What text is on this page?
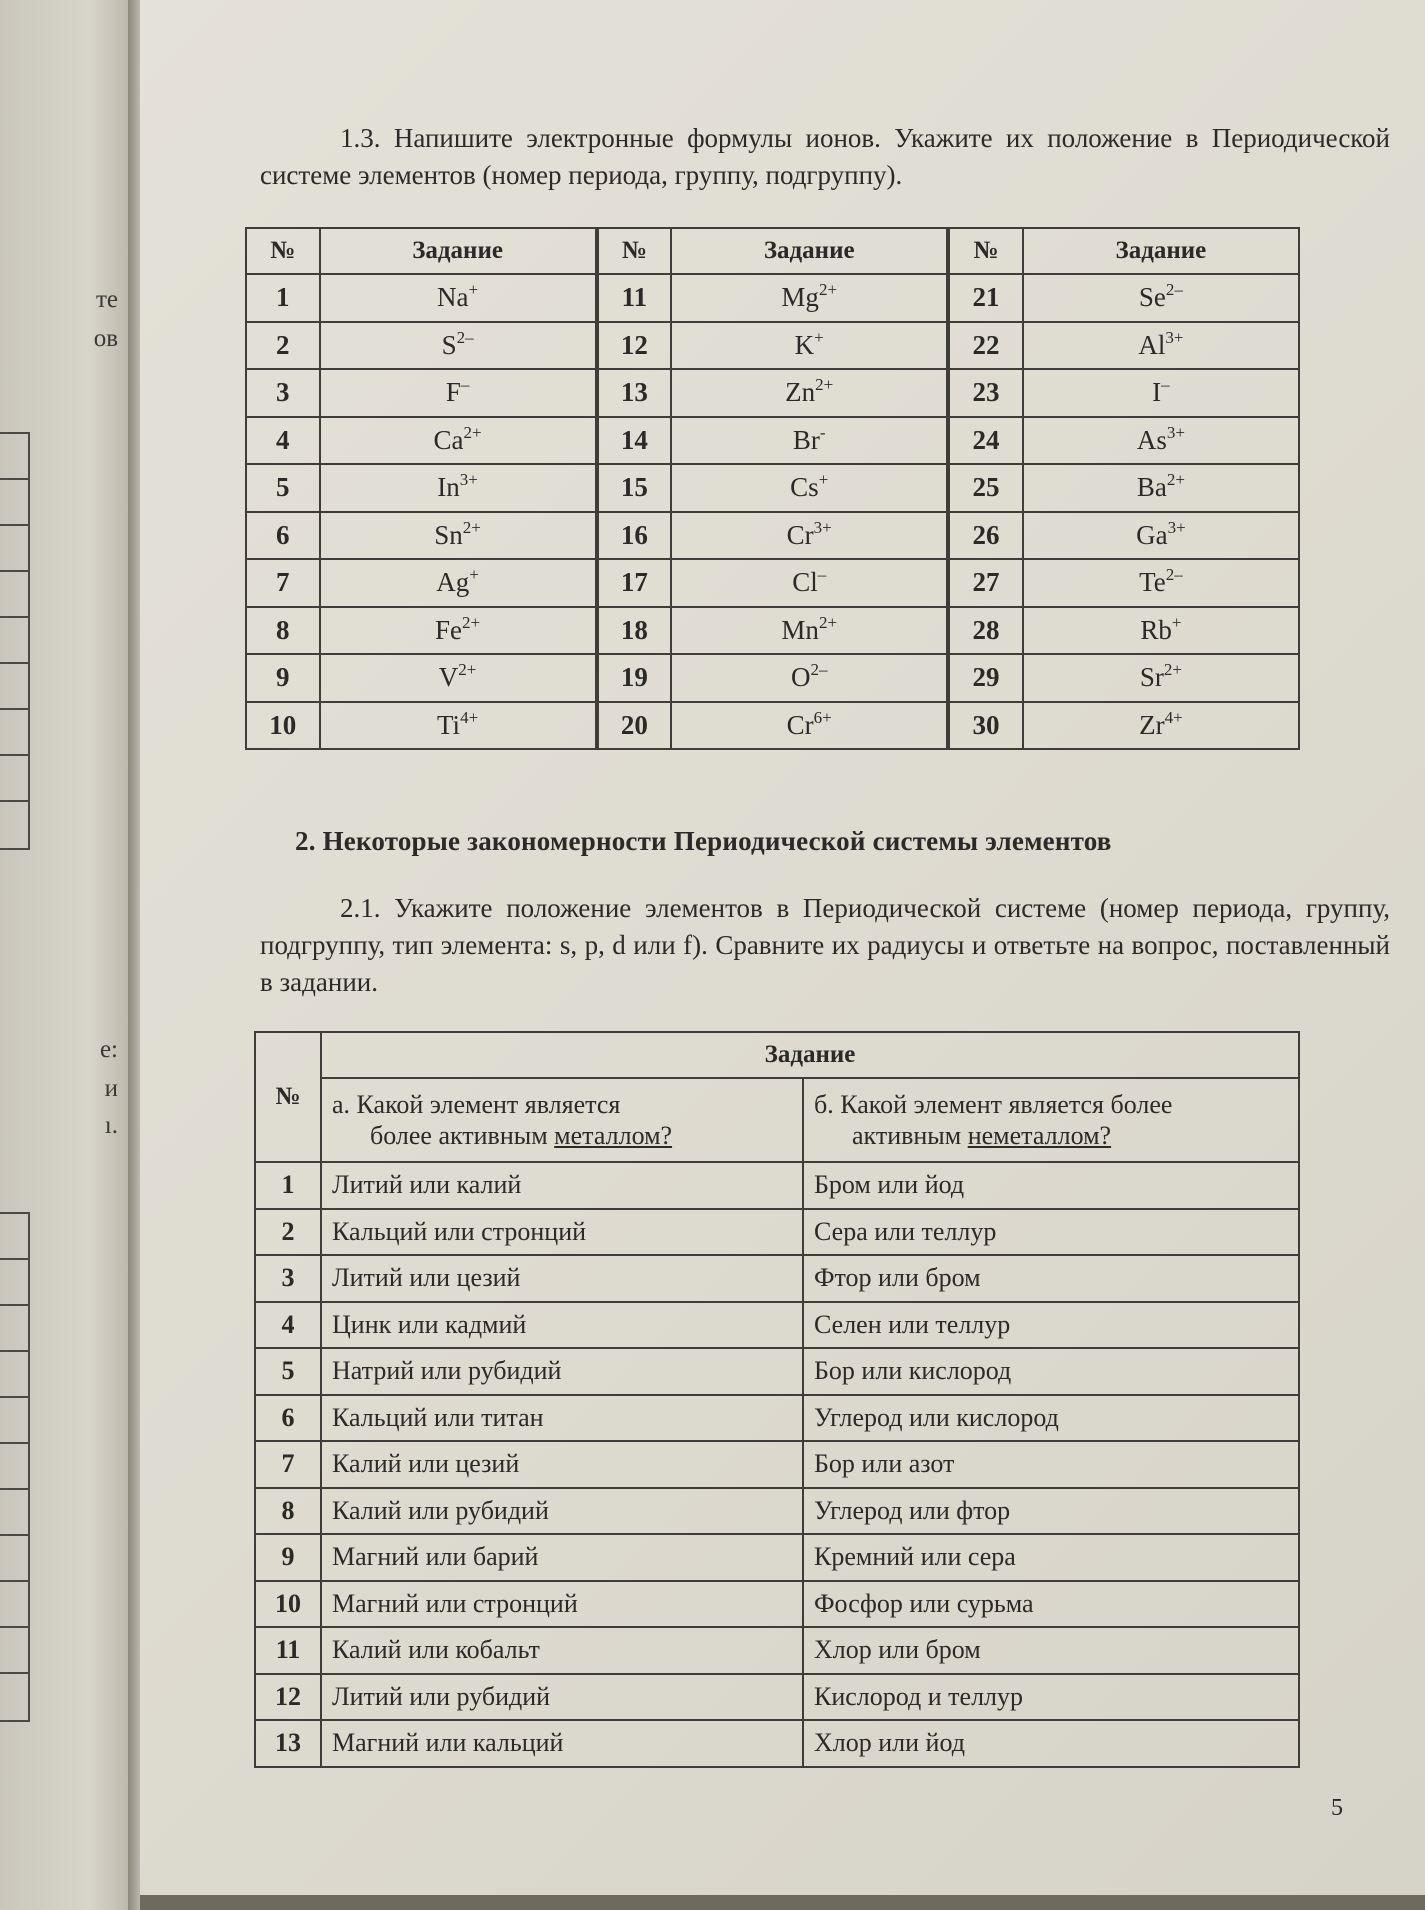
те
ов
е:
и
ı.

1.3. Напишите электронные формулы ионов. Укажите их положение в Периодической системе элементов (номер периода, группу, подгруппу).

№	Задание	№	Задание	№	Задание
1	Na+	11	$Mg^{2+}$	21	$Se^{2-}$
2	$S^{2-}$	12	K+	22	$Al^{3+}$
3	F–	13	$Zn^{2+}$	23	I–
4	$Ca^{2+}$	14	Br-	24	$As^{3+}$
5	$In^{3+}$	15	Cs+	25	$Ba^{2+}$
6	$Sn^{2+}$	16	$Cr^{3+}$	26	$Ga^{3+}$
7	Ag+	17	Cl–	27	$Te^{2-}$
8	$Fe^{2+}$	18	$Mn^{2+}$	28	Rb+
9	$V^{2+}$	19	$O^{2-}$	29	$Sr^{2+}$
10	$Ti^{4+}$	20	$Cr^{6+}$	30	$Zr^{4+}$

2. Некоторые закономерности Периодической системы элементов

2.1. Укажите положение элементов в Периодической системе (номер периода, группу, подгруппу, тип элемента: s, p, d или f). Сравните их радиусы и ответьте на вопрос, поставленный в задании.

№	Задание	
	а. Какой элемент является
более активным металлом?	б. Какой элемент является более
активным неметаллом?

1	Литий или калий	Бром или йод
2	Кальций или стронций	Сера или теллур
3	Литий или цезий	Фтор или бром
4	Цинк или кадмий	Селен или теллур
5	Натрий или рубидий	Бор или кислород
6	Кальций или титан	Углерод или кислород
7	Калий или цезий	Бор или азот
8	Калий или рубидий	Углерод или фтор
9	Магний или барий	Кремний или сера
10	Магний или стронций	Фосфор или сурьма
11	Калий или кобальт	Хлор или бром
12	Литий или рубидий	Кислород и теллур
13	Магний или кальций	Хлор или йод

5
